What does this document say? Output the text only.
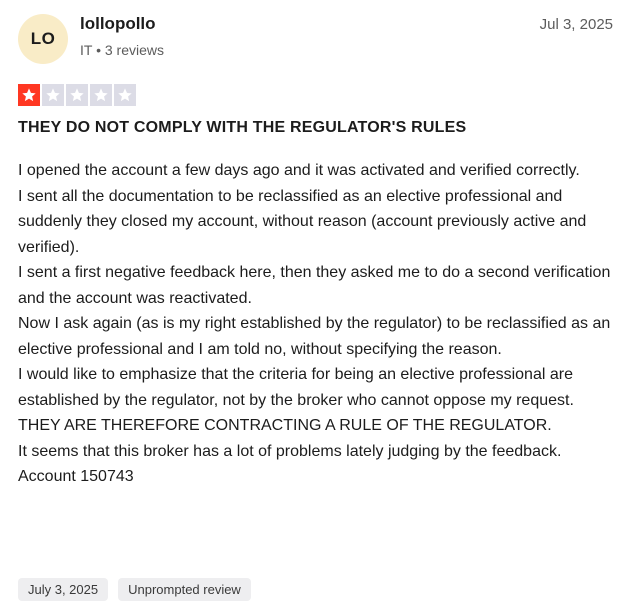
LO
lollopollo
IT • 3 reviews
Jul 3, 2025
THEY DO NOT COMPLY WITH THE REGULATOR'S RULES

I opened the account a few days ago and it was activated and verified correctly.

I sent all the documentation to be reclassified as an elective professional and suddenly they closed my account, without reason (account previously active and verified).

I sent a first negative feedback here, then they asked me to do a second verification and the account was reactivated.

Now I ask again (as is my right established by the regulator) to be reclassified as an elective professional and I am told no, without specifying the reason.

I would like to emphasize that the criteria for being an elective professional are established by the regulator, not by the broker who cannot oppose my request. THEY ARE THEREFORE CONTRACTING A RULE OF THE REGULATOR.

It seems that this broker has a lot of problems lately judging by the feedback. Account 150743

July 3, 2025	Unprompted review
